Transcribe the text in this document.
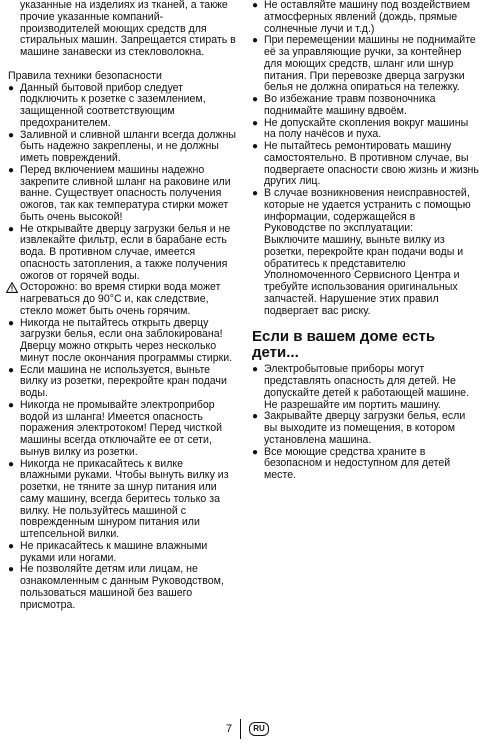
указанные на изделиях из тканей, а также прочие указанные компаний-производителей моющих средств для стиральных машин. Запрещается стирать в машине занавески из стекловолокна.

Правила техники безопасности

● Данный бытовой прибор следует подключить к розетке с заземлением, защищенной соответствующим предохранителем.
● Заливной и сливной шланги всегда должны быть надежно закреплены, и не должны иметь повреждений.
● Перед включением машины надежно закрепите сливной шланг на раковине или ванне. Существует опасность получения ожогов, так как температура стирки может быть очень высокой!
● Не открывайте дверцу загрузки белья и не извлекайте фильтр, если в барабане есть вода. В противном случае, имеется опасность затопления, а также получения ожогов от горячей воды.
Осторожно: во время стирки вода может нагреваться до 90°C и, как следствие, стекло может быть очень горячим.
● Никогда не пытайтесь открыть дверцу загрузки белья, если она заблокирована! Дверцу можно открыть через несколько минут после окончания программы стирки.
● Если машина не используется, выньте вилку из розетки, перекройте кран подачи воды.
● Никогда не промывайте электроприбор водой из шланга! Имеется опасность поражения электротоком! Перед чисткой машины всегда отключайте ее от сети, вынув вилку из розетки.
● Никогда не прикасайтесь к вилке влажными руками. Чтобы вынуть вилку из розетки, не тяните за шнур питания или саму машину, всегда беритесь только за вилку. Не пользуйтесь машиной с поврежденным шнуром питания или штепсельной вилки.
● Не прикасайтесь к машине влажными руками или ногами.
● Не позволяйте детям или лицам, не ознакомленным с данным Руководством, пользоваться машиной без вашего присмотра.
● Не оставляйте машину под воздействием атмосферных явлений (дождь, прямые солнечные лучи и т.д.)
● При перемещении машины не поднимайте её за управляющие ручки, за контейнер для моющих средств, шланг или шнур питания. При перевозке дверца загрузки белья не должна опираться на тележку.
● Во избежание травм позвоночника поднимайте машину вдвоём.
● Не допускайте скопления вокруг машины на полу начёсов и пуха.
● Не пытайтесь ремонтировать машину самостоятельно. В противном случае, вы подвергаете опасности свою жизнь и жизнь других лиц.
● В случае возникновения неисправностей, которые не удается устранить с помощью информации, содержащейся в Руководстве по эксплуатации:
Выключите машину, выньте вилку из розетки, перекройте кран подачи воды и обратитесь к представителю Уполномоченного Сервисного Центра и требуйте использования оригинальных запчастей. Нарушение этих правил подвергает вас риску.
Если в вашем доме есть дети...
● Электробытовые приборы могут представлять опасность для детей. Не допускайте детей к работающей машине. Не разрешайте им портить машину.
● Закрывайте дверцу загрузки белья, если вы выходите из помещения, в котором установлена машина.
● Все моющие средства храните в безопасном и недоступном для детей месте.
7	RU
